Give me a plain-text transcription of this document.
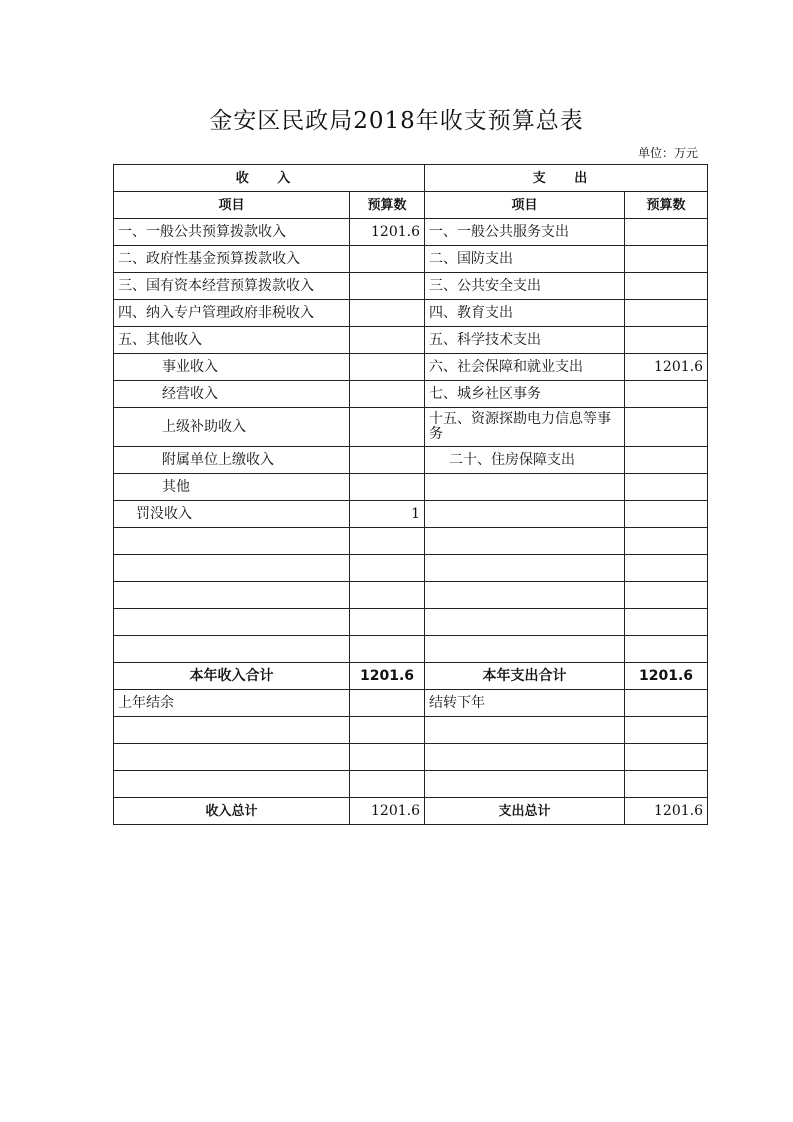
金安区民政局2018年收支预算总表
单位：万元
收 入		支 出	
项目	预算数	项目	预算数
一、一般公共预算拨款收入	1201.6	一、一般公共服务支出	
二、政府性基金预算拨款收入		二、国防支出	
三、国有资本经营预算拨款收入		三、公共安全支出	
四、纳入专户管理政府非税收入		四、教育支出	
五、其他收入		五、科学技术支出	
事业收入		六、社会保障和就业支出	1201.6
经营收入		七、城乡社区事务	
上级补助收入		十五、资源探勘电力信息等事务	
附属单位上缴收入		二十、住房保障支出	
其他			
罚没收入	1		

本年收入合计	1201.6	本年支出合计	1201.6
上年结余		结转下年	

收入总计	1201.6	支出总计	1201.6
